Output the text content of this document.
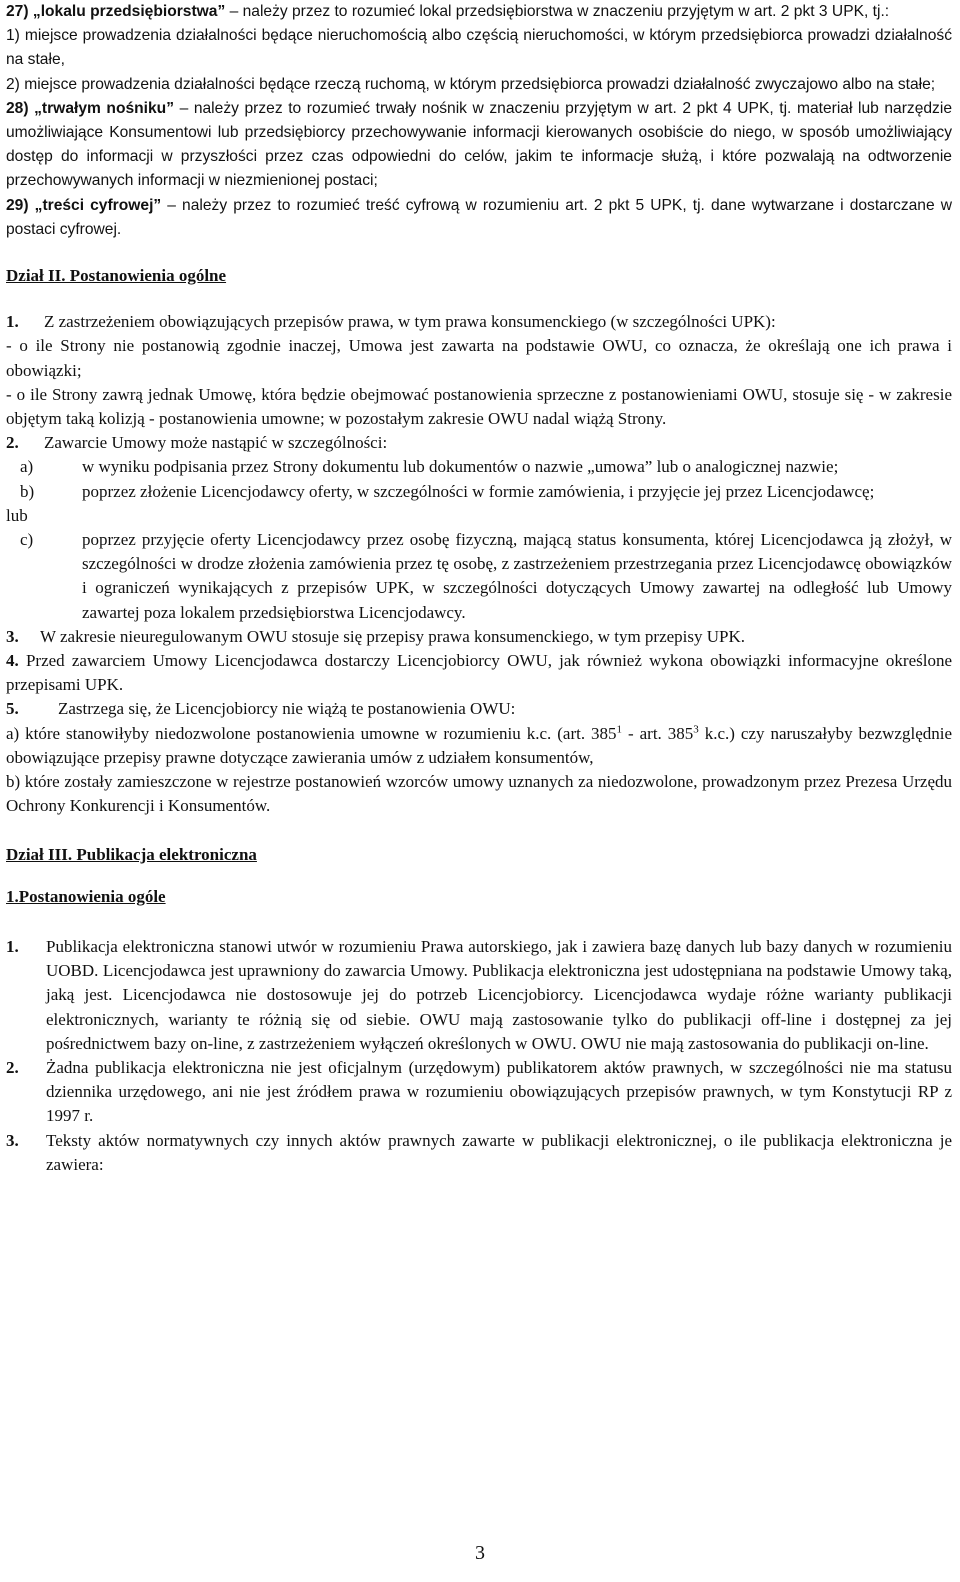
27) „lokalu przedsiębiorstwa” – należy przez to rozumieć lokal przedsiębiorstwa w znaczeniu przyjętym w art. 2 pkt 3 UPK, tj.:

1) miejsce prowadzenia działalności będące nieruchomością albo częścią nieruchomości, w którym przedsiębiorca prowadzi działalność na stałe,

2) miejsce prowadzenia działalności będące rzeczą ruchomą, w którym przedsiębiorca prowadzi działalność zwyczajowo albo na stałe;

28) „trwałym nośniku” – należy przez to rozumieć trwały nośnik w znaczeniu przyjętym w art. 2 pkt 4 UPK, tj. materiał lub narzędzie umożliwiające Konsumentowi lub przedsiębiorcy przechowywanie informacji kierowanych osobiście do niego, w sposób umożliwiający dostęp do informacji w przyszłości przez czas odpowiedni do celów, jakim te informacje służą, i które pozwalają na odtworzenie przechowywanych informacji w niezmienionej postaci;

29) „treści cyfrowej” – należy przez to rozumieć treść cyfrową w rozumieniu art. 2 pkt 5 UPK, tj. dane wytwarzane i dostarczane w postaci cyfrowej.

Dział II. Postanowienia ogólne

1.	Z zastrzeżeniem obowiązujących przepisów prawa, w tym prawa konsumenckiego (w szczególności UPK):

- o ile Strony nie postanowią zgodnie inaczej, Umowa jest zawarta na podstawie OWU, co oznacza, że określają one ich prawa i obowiązki;

- o ile Strony zawrą jednak Umowę, która będzie obejmować postanowienia sprzeczne z postanowieniami OWU, stosuje się - w zakresie objętym taką kolizją - postanowienia umowne; w pozostałym zakresie OWU nadal wiążą Strony.

2.	Zawarcie Umowy może nastąpić w szczególności:
a)	w wyniku podpisania przez Strony dokumentu lub dokumentów o nazwie „umowa” lub o analogicznej nazwie;
b)	poprzez złożenie Licencjodawcy oferty, w szczególności w formie zamówienia, i przyjęcie jej przez Licencjodawcę;

lub

c)	poprzez przyjęcie oferty Licencjodawcy przez osobę fizyczną, mającą status konsumenta, której Licencjodawca ją złożył, w szczególności w drodze złożenia zamówienia przez tę osobę, z zastrzeżeniem przestrzegania przez Licencjodawcę obowiązków i ograniczeń wynikających z przepisów UPK, w szczególności dotyczących Umowy zawartej na odległość lub Umowy zawartej poza lokalem przedsiębiorstwa Licencjodawcy.
3.	W zakresie nieuregulowanym OWU stosuje się przepisy prawa konsumenckiego, w tym przepisy UPK.

4. Przed zawarciem Umowy Licencjodawca dostarczy Licencjobiorcy OWU, jak również wykona obowiązki informacyjne określone przepisami UPK.

5.	Zastrzega się, że Licencjobiorcy nie wiążą te postanowienia OWU:

a) które stanowiłyby niedozwolone postanowienia umowne w rozumieniu k.c. (art. $385^1$ - art. $385^3$ k.c.) czy naruszałyby bezwzględnie obowiązujące przepisy prawne dotyczące zawierania umów z udziałem konsumentów,

b) które zostały zamieszczone w rejestrze postanowień wzorców umowy uznanych za niedozwolone, prowadzonym przez Prezesa Urzędu Ochrony Konkurencji i Konsumentów.

Dział III. Publikacja elektroniczna

1.Postanowienia ogóle

1.	Publikacja elektroniczna stanowi utwór w rozumieniu Prawa autorskiego, jak i zawiera bazę danych lub bazy danych w rozumieniu UOBD. Licencjodawca jest uprawniony do zawarcia Umowy. Publikacja elektroniczna jest udostępniana na podstawie Umowy taką, jaką jest. Licencjodawca nie dostosowuje jej do potrzeb Licencjobiorcy. Licencjodawca wydaje różne warianty publikacji elektronicznych, warianty te różnią się od siebie. OWU mają zastosowanie tylko do publikacji off-line i dostępnej za jej pośrednictwem bazy on-line, z zastrzeżeniem wyłączeń określonych w OWU. OWU nie mają zastosowania do publikacji on-line.
2.	Żadna publikacja elektroniczna nie jest oficjalnym (urzędowym) publikatorem aktów prawnych, w szczególności nie ma statusu dziennika urzędowego, ani nie jest źródłem prawa w rozumieniu obowiązujących przepisów prawnych, w tym Konstytucji RP z 1997 r.
3.	Teksty aktów normatywnych czy innych aktów prawnych zawarte w publikacji elektronicznej, o ile publikacja elektroniczna je zawiera:
3
